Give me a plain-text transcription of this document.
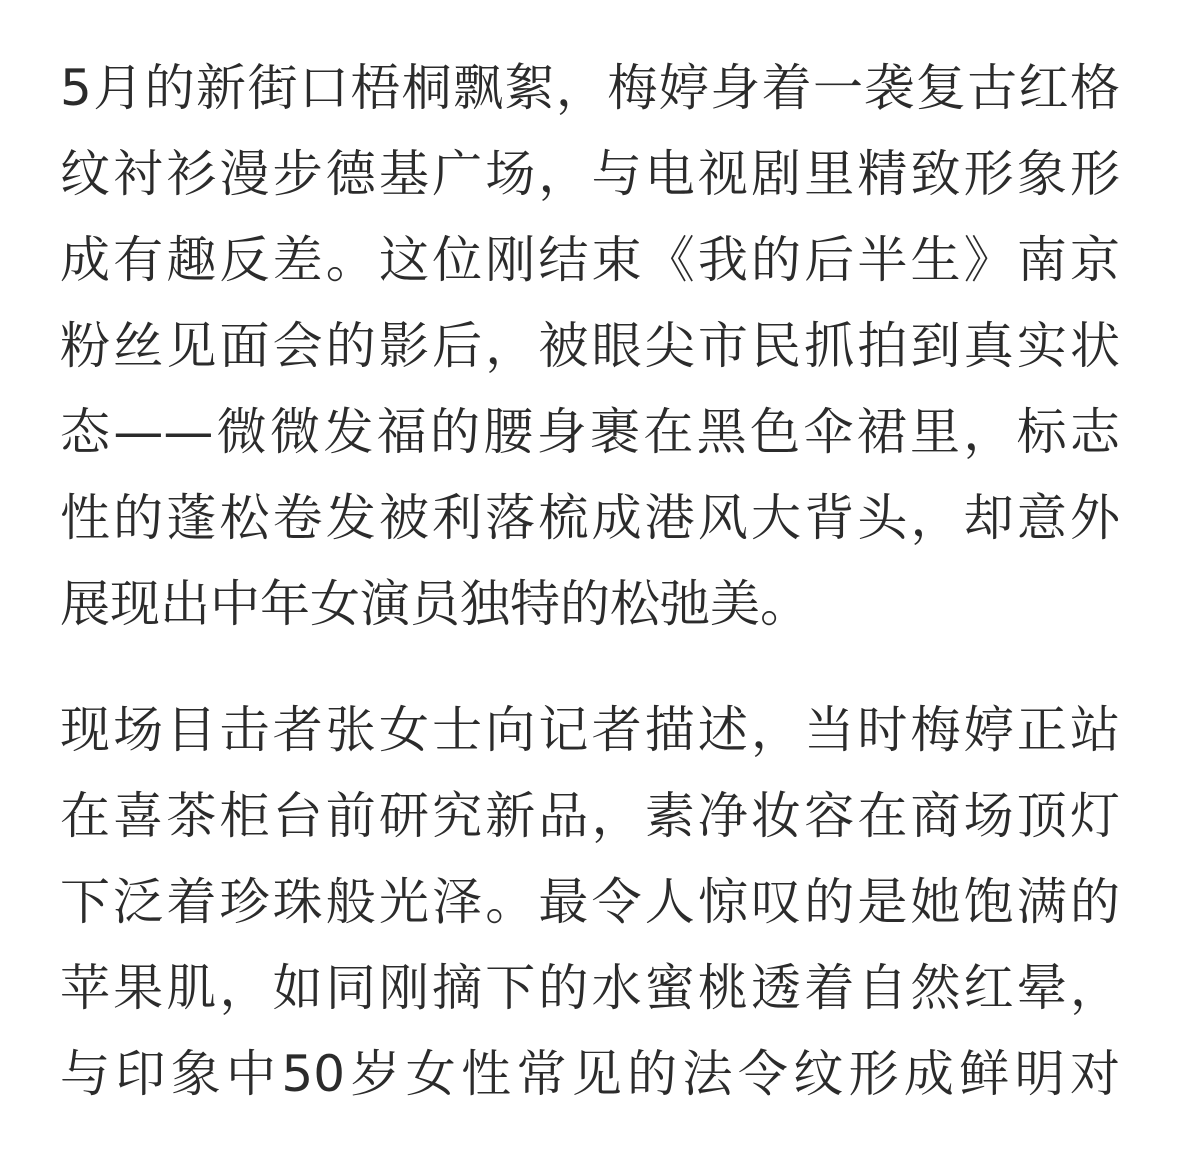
5月的新街口梧桐飘絮，梅婷身着一袭复古红格
纹衬衫漫步德基广场，与电视剧里精致形象形
成有趣反差。这位刚结束《我的后半生》南京
粉丝见面会的影后，被眼尖市民抓拍到真实状
态——微微发福的腰身裹在黑色伞裙里，标志
性的蓬松卷发被利落梳成港风大背头，却意外
展现出中年女演员独特的松弛美。
现场目击者张女士向记者描述，当时梅婷正站
在喜茶柜台前研究新品，素净妆容在商场顶灯
下泛着珍珠般光泽。最令人惊叹的是她饱满的
苹果肌，如同刚摘下的水蜜桃透着自然红晕，
与印象中50岁女性常见的法令纹形成鲜明对
